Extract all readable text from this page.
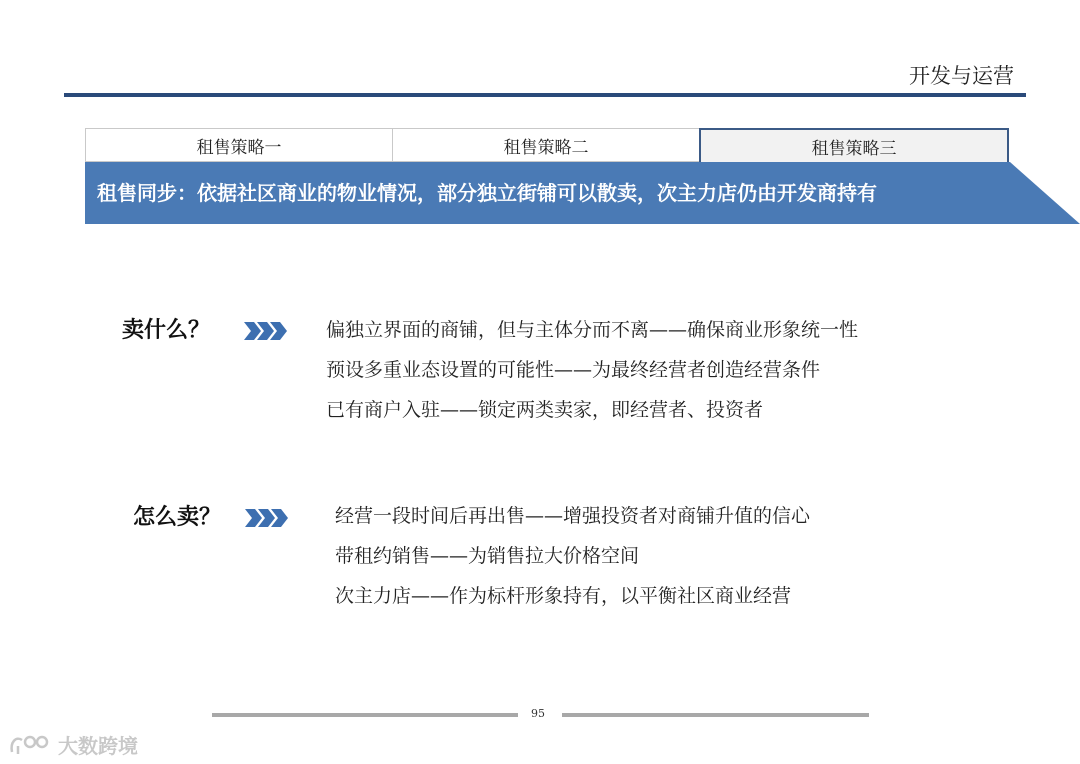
开发与运营
租售策略一	租售策略二	租售策略三
租售同步：依据社区商业的物业情况，部分独立街铺可以散卖，次主力店仍由开发商持有
卖什么？	偏独立界面的商铺，但与主体分而不离——确保商业形象统一性
预设多重业态设置的可能性——为最终经营者创造经营条件
已有商户入驻——锁定两类卖家，即经营者、投资者
怎么卖？	经营一段时间后再出售——增强投资者对商铺升值的信心
带租约销售——为销售拉大价格空间
次主力店——作为标杆形象持有，以平衡社区商业经营
95
大数跨境
